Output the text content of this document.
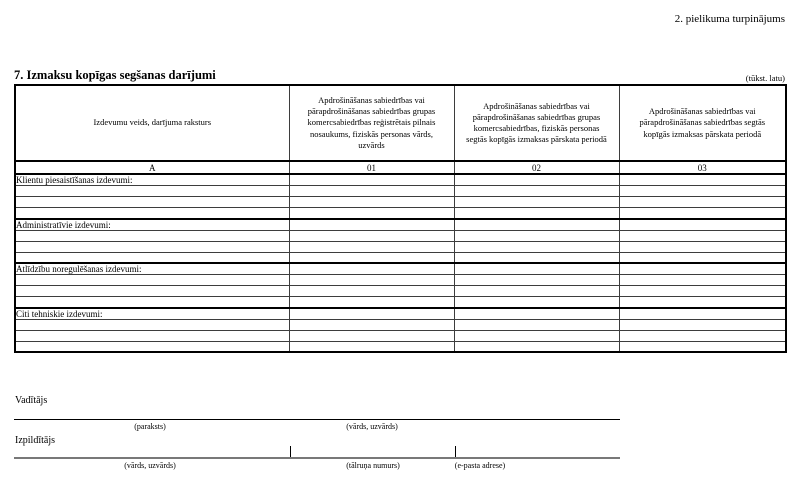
2. pielikuma turpinājums
7. Izmaksu kopīgas segšanas darījumi	(tūkst. latu)
Izdevumu veids, darījuma raksturs	Apdrošināšanas sabiedrības vai pārapdrošināšanas sabiedrības grupas komercsabiedrības reģistrētais pilnais nosaukums, fiziskās personas vārds, uzvārds	Apdrošināšanas sabiedrības vai pārapdrošināšanas sabiedrības grupas komercsabiedrības, fiziskās personas segtās kopīgās izmaksas pārskata periodā	Apdrošināšanas sabiedrības vai pārapdrošināšanas sabiedrības segtās kopīgās izmaksas pārskata periodā
A	01	02	03
Klientu piesaistīšanas izdevumi:			

Administratīvie izdevumi:			

Atlīdzību noregulēšanas izdevumi:			

Citi tehniskie izdevumi:			

Vadītājs
(paraksts)	(vārds, uzvārds)
Izpildītājs
(vārds, uzvārds)	(tālruņa numurs)	(e-pasta adrese)
